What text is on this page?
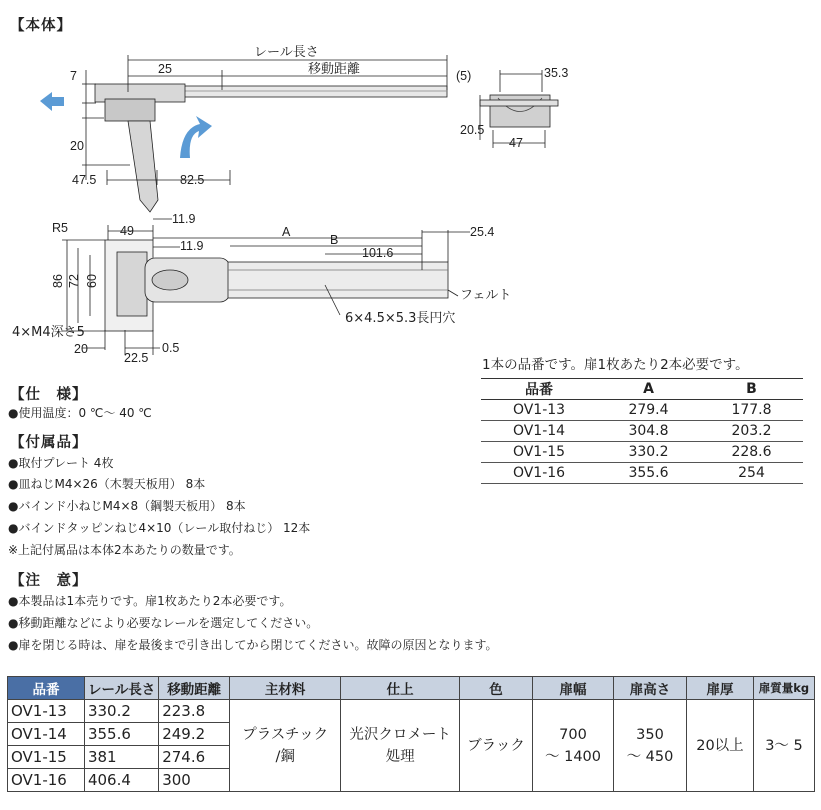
【本体】
レール長さ
移動距離
25	(5)
7
20
47.5	82.5
35.3
20.5
47
R5	49
11.9
11.9
A
B
101.6
25.4
86 72 60
フェルト
6×4.5×5.3長円穴
4×M4深さ5
20
22.5
0.5
【仕　様】
●使用温度：0 ℃～ 40 ℃
【付属品】
●取付プレート 4枚
●皿ねじM4×26（木製天板用） 8本
●バインド小ねじM4×8（鋼製天板用） 8本
●バインドタッピンねじ4×10（レール取付ねじ） 12本
※上記付属品は本体2本あたりの数量です。
【注　意】
●本製品は1本売りです。扉1枚あたり2本必要です。
●移動距離などにより必要なレールを選定してください。
●扉を閉じる時は、扉を最後まで引き出してから閉じてください。故障の原因となります。
1本の品番です。扉1枚あたり2本必要です。
品番	A	B
OV1-13	279.4	177.8
OV1-14	304.8	203.2
OV1-15	330.2	228.6
OV1-16	355.6	254
品番	レール長さ	移動距離	主材料	仕上	色	扉幅	扉高さ	扉厚	扉質量kg
OV1-13	330.2	223.8	プラスチック
/鋼	光沢クロメート
処理	ブラック	700
～ 1400	350
～ 450	20以上	3～ 5
OV1-14	355.6	249.2							
OV1-15	381	274.6							
OV1-16	406.4	300							
